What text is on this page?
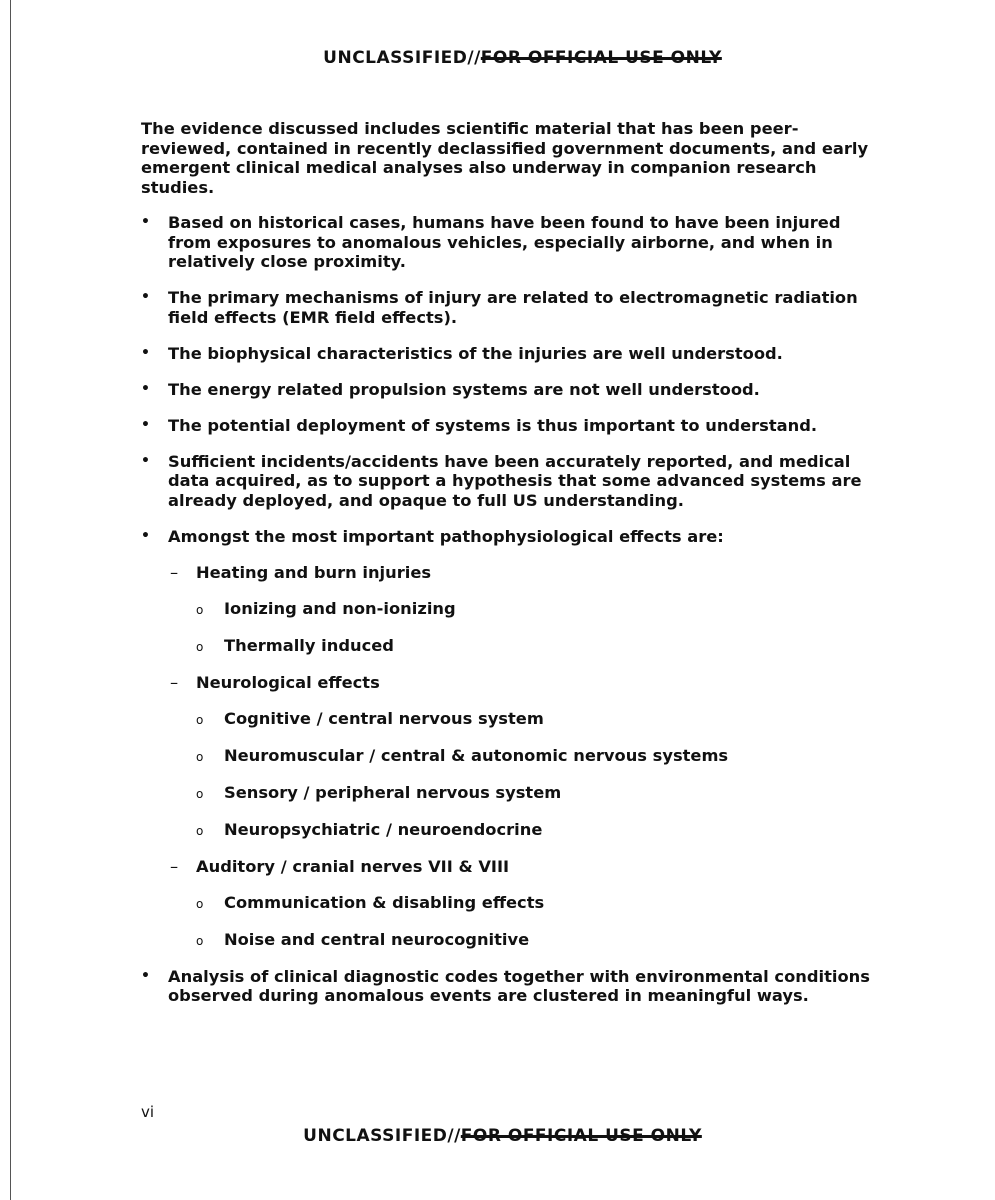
UNCLASSIFIED//FOR OFFICIAL USE ONLY

The evidence discussed includes scientific material that has been peer-reviewed, contained in recently declassified government documents, and early emergent clinical medical analyses also underway in companion research studies.

• Based on historical cases, humans have been found to have been injured from exposures to anomalous vehicles, especially airborne, and when in relatively close proximity.
• The primary mechanisms of injury are related to electromagnetic radiation field effects (EMR field effects).
• The biophysical characteristics of the injuries are well understood.
• The energy related propulsion systems are not well understood.
• The potential deployment of systems is thus important to understand.
• Sufficient incidents/accidents have been accurately reported, and medical data acquired, as to support a hypothesis that some advanced systems are already deployed, and opaque to full US understanding.
• Amongst the most important pathophysiological effects are:
– Heating and burn injuries
o Ionizing and non-ionizing
o Thermally induced
– Neurological effects
o Cognitive / central nervous system
o Neuromuscular / central & autonomic nervous systems
o Sensory / peripheral nervous system
o Neuropsychiatric / neuroendocrine
– Auditory / cranial nerves VII & VIII
o Communication & disabling effects
o Noise and central neurocognitive
• Analysis of clinical diagnostic codes together with environmental conditions observed during anomalous events are clustered in meaningful ways.
vi
UNCLASSIFIED//FOR OFFICIAL USE ONLY
